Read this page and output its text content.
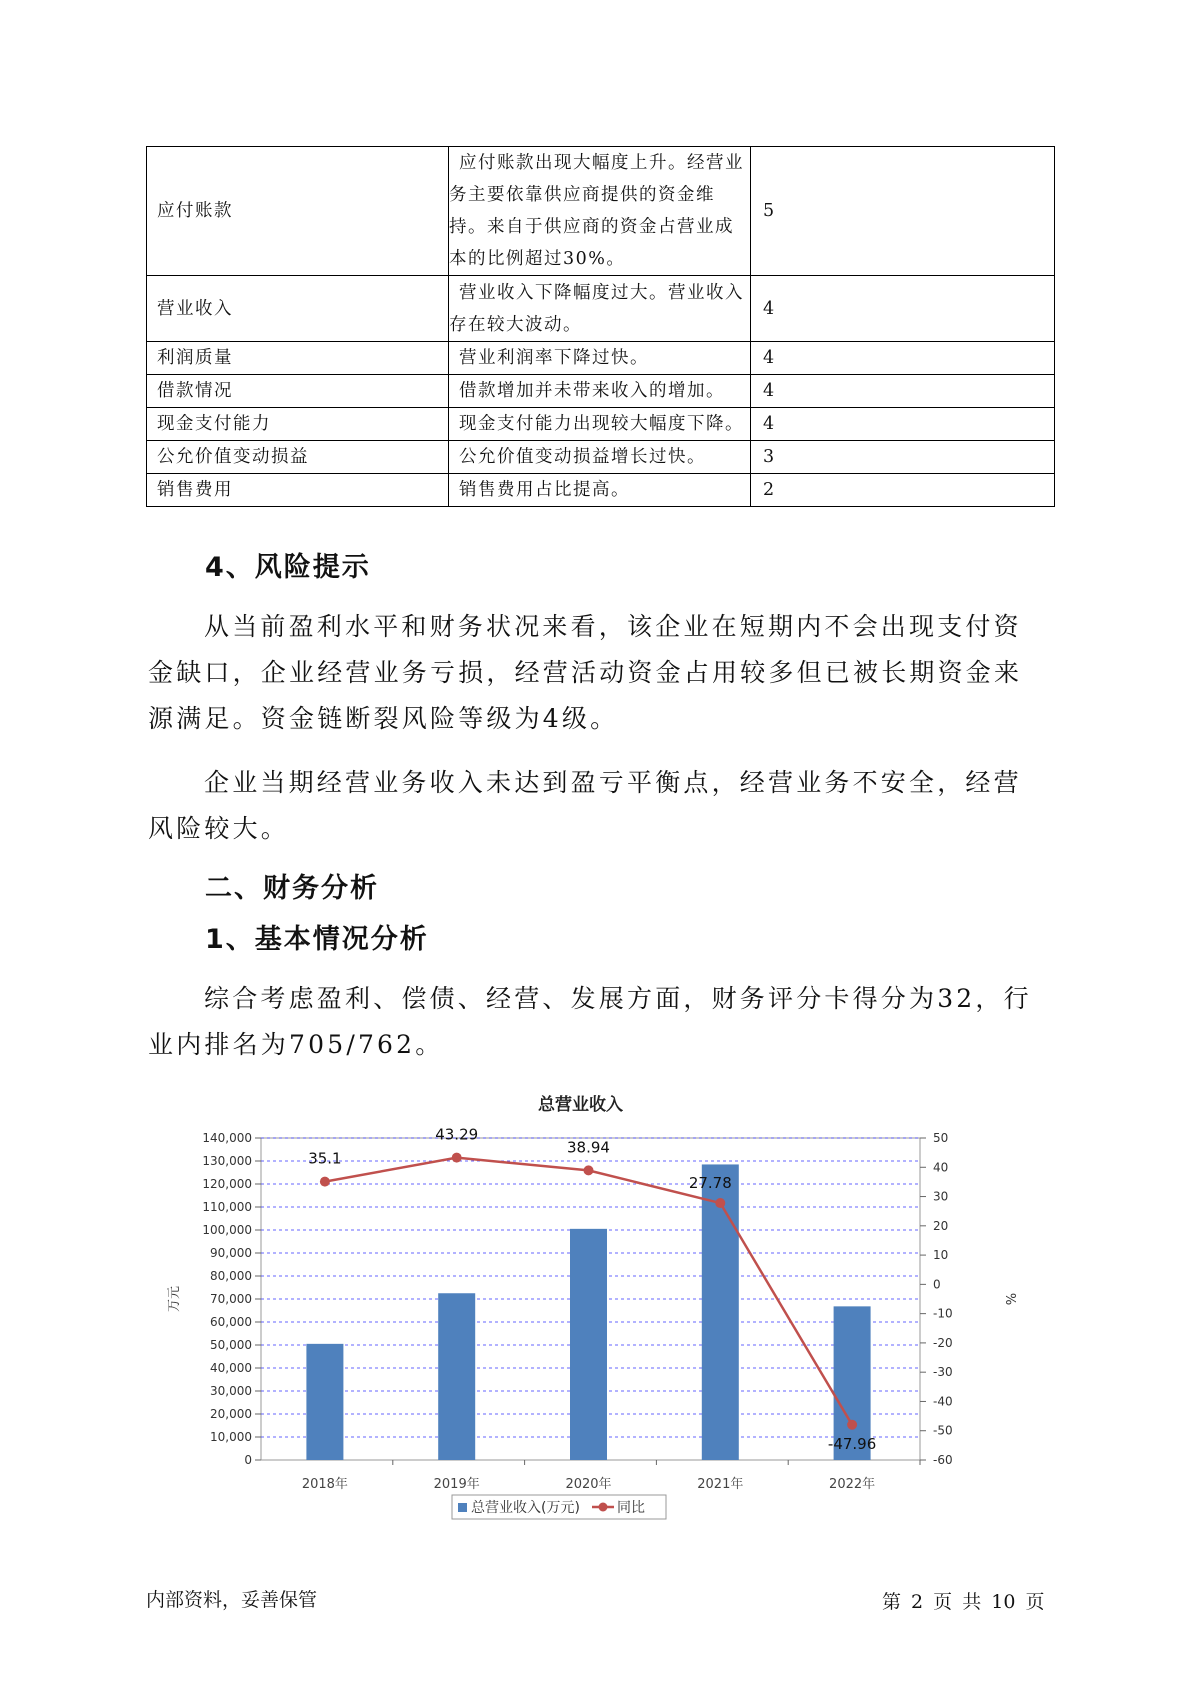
应付账款	应付账款出现大幅度上升。经营业务主要依靠供应商提供的资金维持。来自于供应商的资金占营业成本的比例超过30%。	5
营业收入	营业收入下降幅度过大。营业收入存在较大波动。	4
利润质量	营业利润率下降过快。	4
借款情况	借款增加并未带来收入的增加。	4
现金支付能力	现金支付能力出现较大幅度下降。	4
公允价值变动损益	公允价值变动损益增长过快。	3
销售费用	销售费用占比提高。	2
4、风险提示

从当前盈利水平和财务状况来看，该企业在短期内不会出现支付资金缺口，企业经营业务亏损，经营活动资金占用较多但已被长期资金来源满足。资金链断裂风险等级为4级。

企业当期经营业务收入未达到盈亏平衡点，经营业务不安全，经营风险较大。

二、财务分析
1、基本情况分析

综合考虑盈利、偿债、经营、发展方面，财务评分卡得分为32，行业内排名为705/762。

总营业收入
0
10,000
20,000
30,000
40,000
50,000
60,000
70,000
80,000
90,000
100,000
110,000
120,000
130,000
140,000
-60
-50
-40
-30
-20
-10
0
10
20
30
40
50
万元	%
2018年	2019年	2020年	2021年	2022年
35.1
43.29
38.94
27.78
-47.96
总营业收入(万元)	同比
内部资料，妥善保管	第 2 页 共 10 页
